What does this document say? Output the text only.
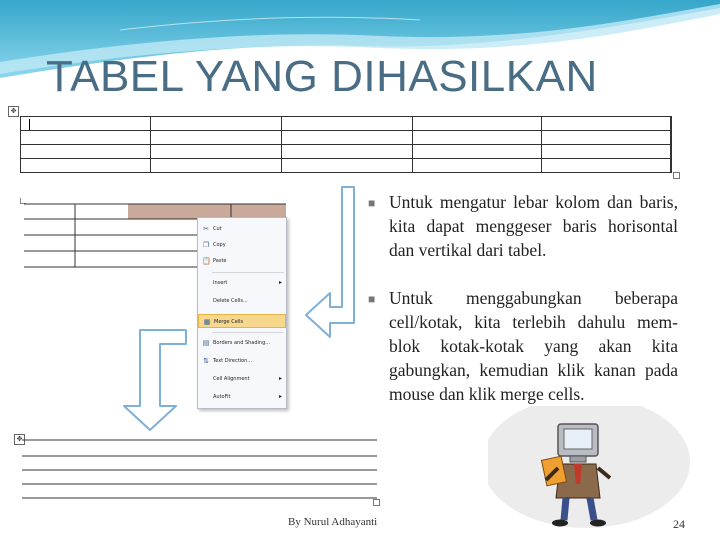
TABEL YANG DIHASILKAN
✥

✂ Cut
❐ Copy
📋 Paste
Insert	▸
Delete Cells...
▦ Merge Cells
▤ Borders and Shading...
⇅ Text Direction...
Cell Alignment	▸
AutoFit	▸
■ Untuk mengatur lebar kolom dan baris, kita dapat menggeser baris horisontal dan vertikal dari tabel.
■ Untuk menggabungkan beberapa cell/kotak, kita terlebih dahulu mem-blok kotak-kotak yang akan kita gabungkan, kemudian klik kanan pada mouse dan klik merge cells.
✥
By Nurul Adhayanti	24
